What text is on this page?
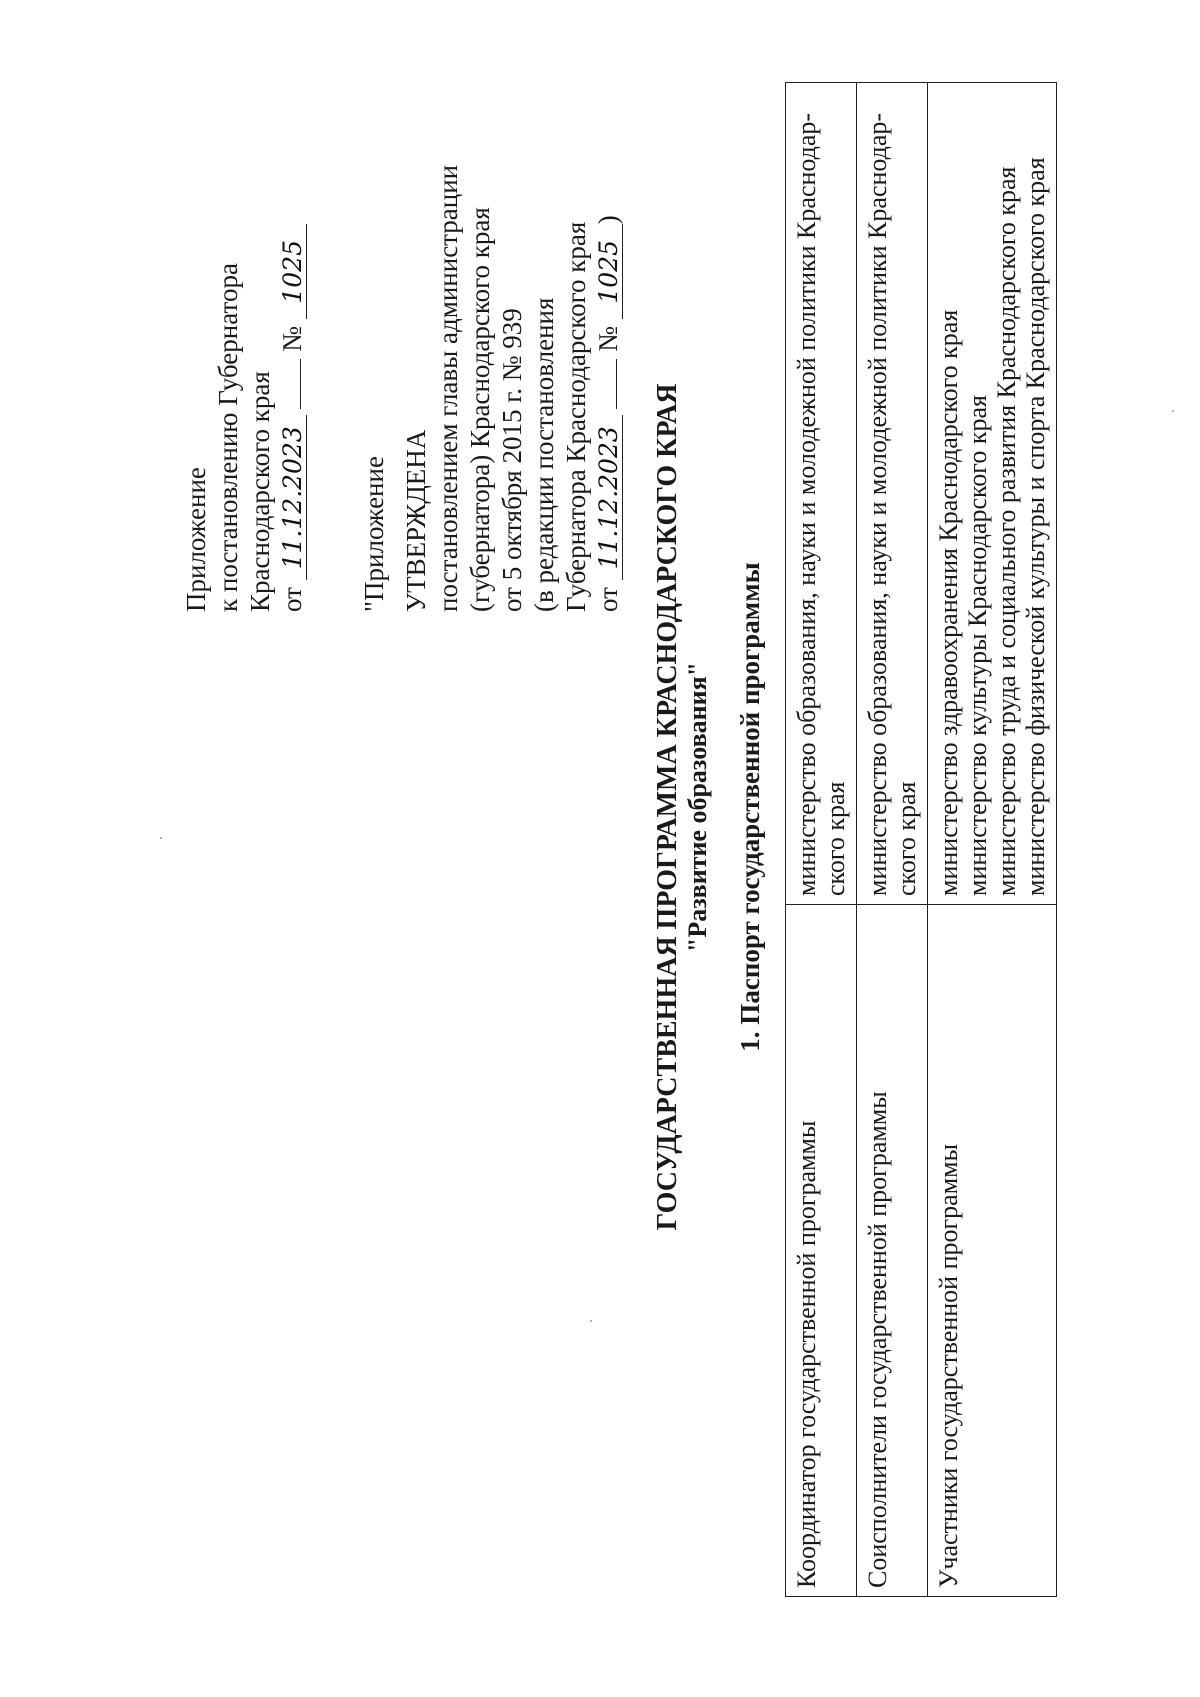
Приложение к постановлению Губернатора Краснодарского края от 11.12.2023  № 1025
"Приложение УТВЕРЖДЕНА постановлением главы администрации (губернатора) Краснодарского края от 5 октября 2015 г. № 939 (в редакции постановления Губернатора Краснодарского края от 11.12.2023  № 1025)
ГОСУДАРСТВЕННАЯ ПРОГРАММА КРАСНОДАРСКОГО КРАЯ "Развитие образования" 1. Паспорт государственной программы
Координатор государственной программы	министерство образования, науки и молодежной политики Краснодар- ского края

Соисполнители государственной программы	министерство образования, науки и молодежной политики Краснодар- ского края

Участники государственной программы	министерство здравоохранения Краснодарского края министерство культуры Краснодарского края министерство труда и социального развития Краснодарского края министерство физической культуры и спорта Краснодарского края
